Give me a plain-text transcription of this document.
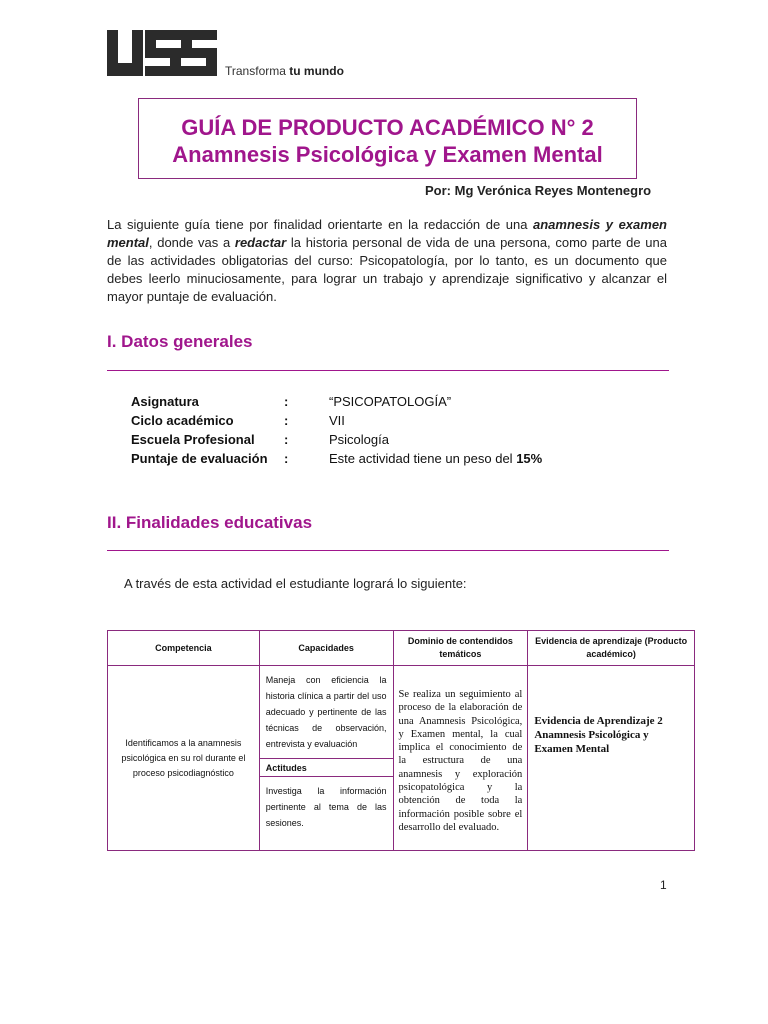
Transforma tu mundo
GUÍA DE PRODUCTO ACADÉMICO N° 2
Anamnesis Psicológica y Examen Mental
Por: Mg Verónica Reyes Montenegro
La siguiente guía tiene por finalidad orientarte en la redacción de una anamnesis y examen mental, donde vas a redactar la historia personal de vida de una persona, como parte de una de las actividades obligatorias del curso: Psicopatología, por lo tanto, es un documento que debes leerlo minuciosamente, para lograr un trabajo y aprendizaje significativo y alcanzar el mayor puntaje de evaluación.
I. Datos generales
Asignatura	:	“PSICOPATOLOGÍA”
Ciclo académico	:	VII
Escuela Profesional :	Psicología
Puntaje de evaluación :	Este actividad tiene un peso del 15%
II. Finalidades educativas
A través de esta actividad el estudiante logrará lo siguiente:
Competencia	Capacidades	Dominio de contendidos temáticos	Evidencia de aprendizaje (Producto académico)
Identificamos a la anamnesis psicológica en su rol durante el proceso psicodiagnóstico	Maneja con eficiencia la historia clínica a partir del uso adecuado y pertinente de las técnicas de observación, entrevista y evaluación	Se realiza un seguimiento al proceso de la elaboración de una Anamnesis Psicológica, y Examen mental, la cual implica el conocimiento de la estructura de una anamnesis y exploración psicopatológica y la obtención de toda la información posible sobre el desarrollo del evaluado.	Evidencia de Aprendizaje 2 Anamnesis Psicológica y Examen Mental
	Actitudes		
	Investiga la información pertinente al tema de las sesiones.		
1
